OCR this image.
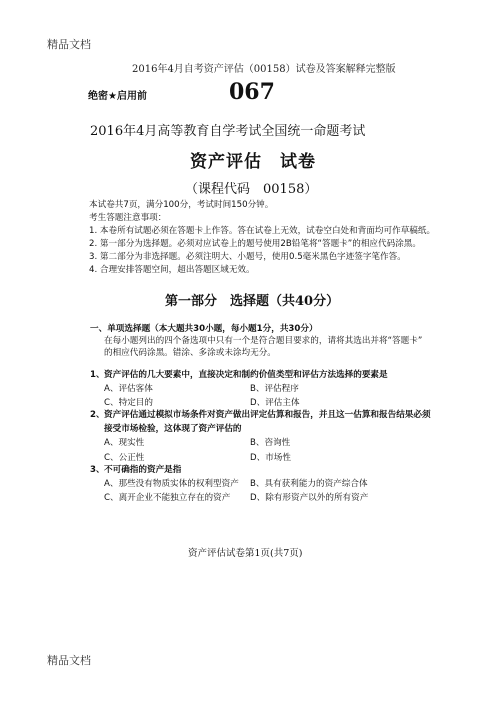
精品文档
2016年4月自考资产评估（00158）试卷及答案解释完整版
绝密★启用前	067
2016年4月高等教育自学考试全国统一命题考试
资产评估　试卷
（课程代码　00158）
本试卷共7页，满分100分，考试时间150分钟。
考生答题注意事项：
1. 本卷所有试题必须在答题卡上作答。答在试卷上无效，试卷空白处和背面均可作草稿纸。
2. 第一部分为选择题。必须对应试卷上的题号使用2B铅笔将“答题卡”的相应代码涂黑。
3. 第二部分为非选择题。必须注明大、小题号，使用0.5毫米黑色字迹签字笔作答。
4. 合理安排答题空间，超出答题区域无效。
第一部分　选择题（共40分）
一、单项选择题（本大题共30小题，每小题1分，共30分）
在每小题列出的四个备选项中只有一个是符合题目要求的，请将其选出并将“答题卡”
的相应代码涂黑。错涂、多涂或未涂均无分。
1、 资产评估的几大要素中，直接决定和制约价值类型和评估方法选择的要素是
A、评估客体	B、评估程序
C、特定目的	D、评估主体
2、 资产评估通过模拟市场条件对资产做出评定估算和报告，并且这一估算和报告结果必须
接受市场检验，这体现了资产评估的
A、现实性	B、咨询性
C、公正性	D、市场性
3、 不可确指的资产是指
A、那些没有物质实体的权利型资产 B、具有获利能力的资产综合体
C、离开企业不能独立存在的资产 D、除有形资产以外的所有资产
资产评估试卷第1页(共7页)
精品文档
